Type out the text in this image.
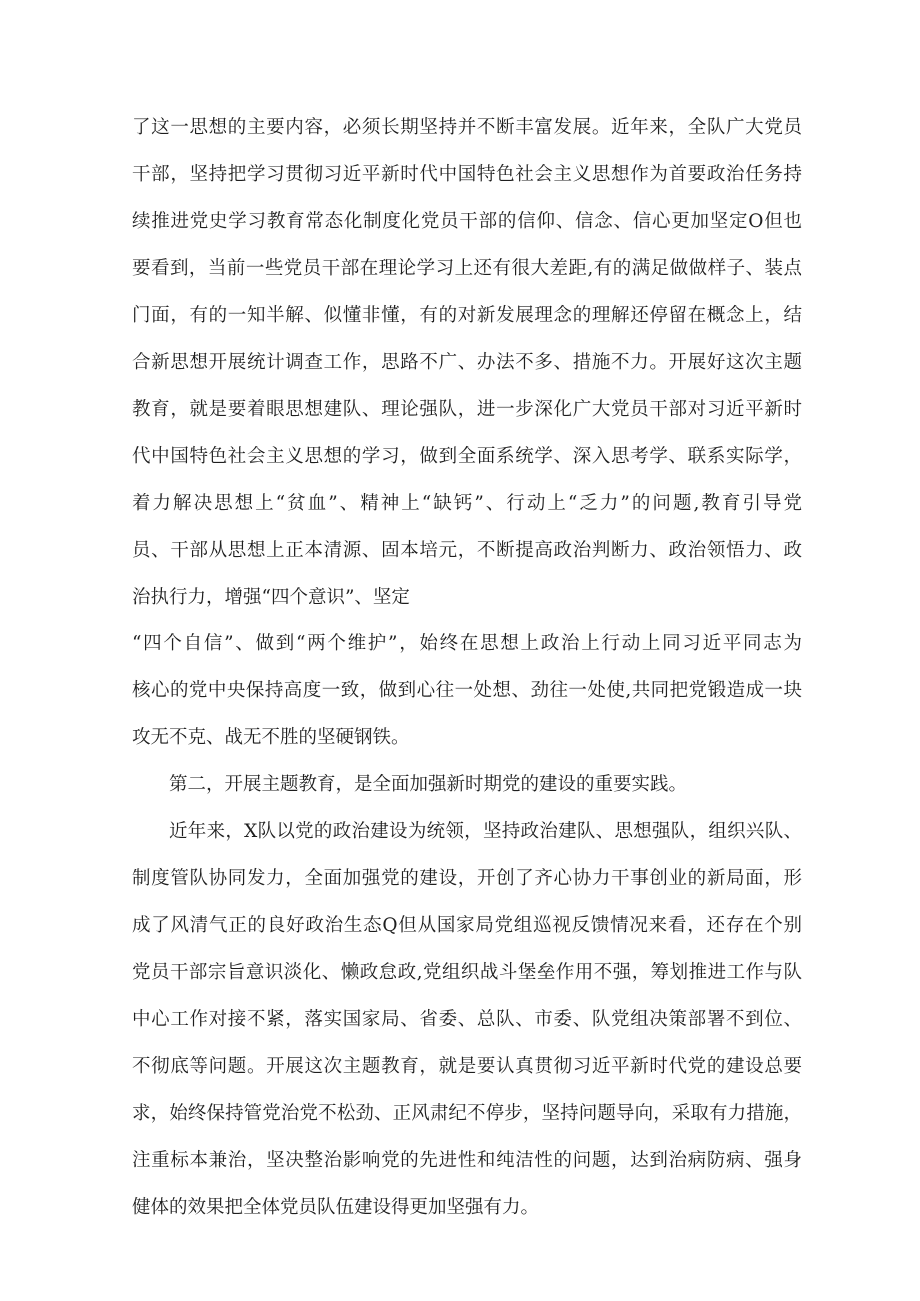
了这一思想的主要内容，必须长期坚持并不断丰富发展。近年来，全队广大党员
干部，坚持把学习贯彻习近平新时代中国特色社会主义思想作为首要政治任务持
续推进党史学习教育常态化制度化党员干部的信仰、信念、信心更加坚定O但也
要看到，当前一些党员干部在理论学习上还有很大差距,有的满足做做样子、装点
门面，有的一知半解、似懂非懂，有的对新发展理念的理解还停留在概念上，结
合新思想开展统计调查工作，思路不广、办法不多、措施不力。开展好这次主题
教育，就是要着眼思想建队、理论强队，进一步深化广大党员干部对习近平新时
代中国特色社会主义思想的学习，做到全面系统学、深入思考学、联系实际学，
着力解决思想上“贫血”、精神上“缺钙”、行动上“乏力”的问题,教育引导党
员、干部从思想上正本清源、固本培元，不断提高政治判断力、政治领悟力、政
治执行力，增强“四个意识”、坚定
“四个自信”、做到“两个维护”，始终在思想上政治上行动上同习近平同志为
核心的党中央保持高度一致，做到心往一处想、劲往一处使,共同把党锻造成一块
攻无不克、战无不胜的坚硬钢铁。
第二，开展主题教育，是全面加强新时期党的建设的重要实践。
近年来，X队以党的政治建设为统领，坚持政治建队、思想强队，组织兴队、
制度管队协同发力，全面加强党的建设，开创了齐心协力干事创业的新局面，形
成了风清气正的良好政治生态Q但从国家局党组巡视反馈情况来看，还存在个别
党员干部宗旨意识淡化、懒政怠政,党组织战斗堡垒作用不强，筹划推进工作与队
中心工作对接不紧，落实国家局、省委、总队、市委、队党组决策部署不到位、
不彻底等问题。开展这次主题教育，就是要认真贯彻习近平新时代党的建设总要
求，始终保持管党治党不松劲、正风肃纪不停步，坚持问题导向，采取有力措施，
注重标本兼治，坚决整治影响党的先进性和纯洁性的问题，达到治病防病、强身
健体的效果把全体党员队伍建设得更加坚强有力。
